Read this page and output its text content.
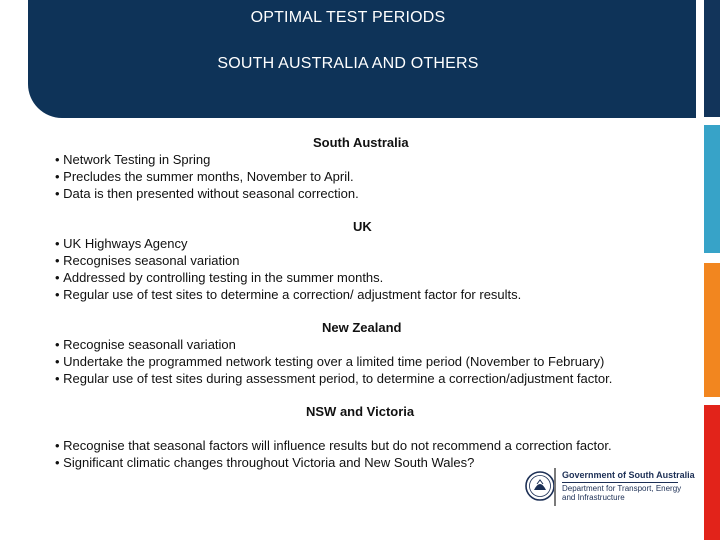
OPTIMAL TEST PERIODS
SOUTH AUSTRALIA AND OTHERS
South Australia
• Network Testing in Spring
• Precludes the summer months, November to April.
• Data is then presented without seasonal correction.
UK
• UK Highways Agency
• Recognises seasonal variation
• Addressed by controlling testing in the summer months.
• Regular use of test sites to determine a correction/ adjustment factor for results.
New Zealand
• Recognise seasonall variation
• Undertake the programmed network testing over a limited time period (November to February)
• Regular use of test sites during assessment period, to determine a correction/adjustment factor.
NSW and Victoria
• Recognise that seasonal factors will influence results but do not recommend a correction factor.
• Significant climatic changes throughout Victoria and New South Wales?
Government of South Australia
Department for Transport, Energy and Infrastructure
